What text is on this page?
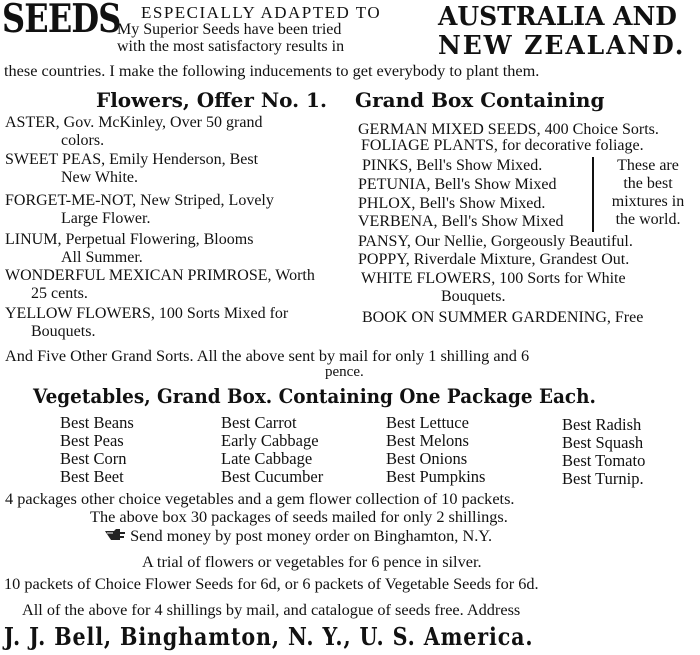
SEEDS ESPECIALLY ADAPTED TO
My Superior Seeds have been tried
with the most satisfactory results in
AUSTRALIA AND
NEW ZEALAND.
these countries. I make the following inducements to get everybody to plant them.
Flowers, Offer No. 1. Grand Box Containing
ASTER, Gov. McKinley, Over 50 grand
colors.
SWEET PEAS, Emily Henderson, Best
New White.
FORGET-ME-NOT, New Striped, Lovely
Large Flower.
LINUM, Perpetual Flowering, Blooms
All Summer.
WONDERFUL MEXICAN PRIMROSE, Worth
25 cents.
YELLOW FLOWERS, 100 Sorts Mixed for
Bouquets.
GERMAN MIXED SEEDS, 400 Choice Sorts.
FOLIAGE PLANTS, for decorative foliage.
PINKS, Bell's Show Mixed.
PETUNIA, Bell's Show Mixed
PHLOX, Bell's Show Mixed.
VERBENA, Bell's Show Mixed
These are
the best
mixtures in
the world.
PANSY, Our Nellie, Gorgeously Beautiful.
POPPY, Riverdale Mixture, Grandest Out.
WHITE FLOWERS, 100 Sorts for White
Bouquets.
BOOK ON SUMMER GARDENING, Free
And Five Other Grand Sorts. All the above sent by mail for only 1 shilling and 6
pence.
Vegetables, Grand Box. Containing One Package Each.
Best Beans
Best Peas
Best Corn
Best Beet
Best Carrot
Early Cabbage
Late Cabbage
Best Cucumber
Best Lettuce
Best Melons
Best Onions
Best Pumpkins
Best Radish
Best Squash
Best Tomato
Best Turnip.
4 packages other choice vegetables and a gem flower collection of 10 packets.
The above box 30 packages of seeds mailed for only 2 shillings.
Send money by post money order on Binghamton, N.Y.
A trial of flowers or vegetables for 6 pence in silver.
10 packets of Choice Flower Seeds for 6d, or 6 packets of Vegetable Seeds for 6d.
All of the above for 4 shillings by mail, and catalogue of seeds free. Address
J. J. Bell, Binghamton, N. Y., U. S. America.
